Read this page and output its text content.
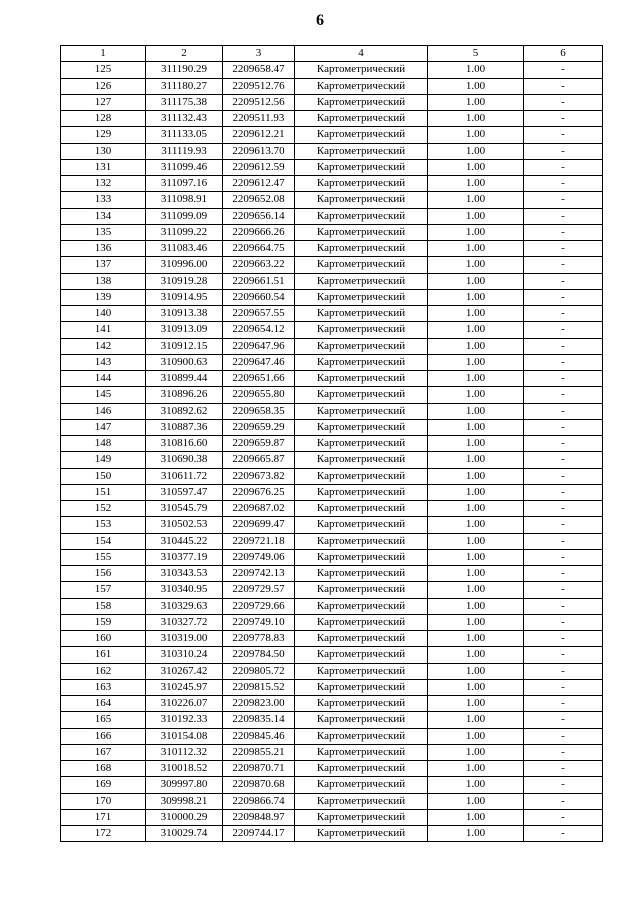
6
1	2	3	4	5	6
125	311190.29	2209658.47	Картометрический	1.00	-
126	311180.27	2209512.76	Картометрический	1.00	-
127	311175.38	2209512.56	Картометрический	1.00	-
128	311132.43	2209511.93	Картометрический	1.00	-
129	311133.05	2209612.21	Картометрический	1.00	-
130	311119.93	2209613.70	Картометрический	1.00	-
131	311099.46	2209612.59	Картометрический	1.00	-
132	311097.16	2209612.47	Картометрический	1.00	-
133	311098.91	2209652.08	Картометрический	1.00	-
134	311099.09	2209656.14	Картометрический	1.00	-
135	311099.22	2209666.26	Картометрический	1.00	-
136	311083.46	2209664.75	Картометрический	1.00	-
137	310996.00	2209663.22	Картометрический	1.00	-
138	310919.28	2209661.51	Картометрический	1.00	-
139	310914.95	2209660.54	Картометрический	1.00	-
140	310913.38	2209657.55	Картометрический	1.00	-
141	310913.09	2209654.12	Картометрический	1.00	-
142	310912.15	2209647.96	Картометрический	1.00	-
143	310900.63	2209647.46	Картометрический	1.00	-
144	310899.44	2209651.66	Картометрический	1.00	-
145	310896.26	2209655.80	Картометрический	1.00	-
146	310892.62	2209658.35	Картометрический	1.00	-
147	310887.36	2209659.29	Картометрический	1.00	-
148	310816.60	2209659.87	Картометрический	1.00	-
149	310690.38	2209665.87	Картометрический	1.00	-
150	310611.72	2209673.82	Картометрический	1.00	-
151	310597.47	2209676.25	Картометрический	1.00	-
152	310545.79	2209687.02	Картометрический	1.00	-
153	310502.53	2209699.47	Картометрический	1.00	-
154	310445.22	2209721.18	Картометрический	1.00	-
155	310377.19	2209749.06	Картометрический	1.00	-
156	310343.53	2209742.13	Картометрический	1.00	-
157	310340.95	2209729.57	Картометрический	1.00	-
158	310329.63	2209729.66	Картометрический	1.00	-
159	310327.72	2209749.10	Картометрический	1.00	-
160	310319.00	2209778.83	Картометрический	1.00	-
161	310310.24	2209784.50	Картометрический	1.00	-
162	310267.42	2209805.72	Картометрический	1.00	-
163	310245.97	2209815.52	Картометрический	1.00	-
164	310226.07	2209823.00	Картометрический	1.00	-
165	310192.33	2209835.14	Картометрический	1.00	-
166	310154.08	2209845.46	Картометрический	1.00	-
167	310112.32	2209855.21	Картометрический	1.00	-
168	310018.52	2209870.71	Картометрический	1.00	-
169	309997.80	2209870.68	Картометрический	1.00	-
170	309998.21	2209866.74	Картометрический	1.00	-
171	310000.29	2209848.97	Картометрический	1.00	-
172	310029.74	2209744.17	Картометрический	1.00	-
